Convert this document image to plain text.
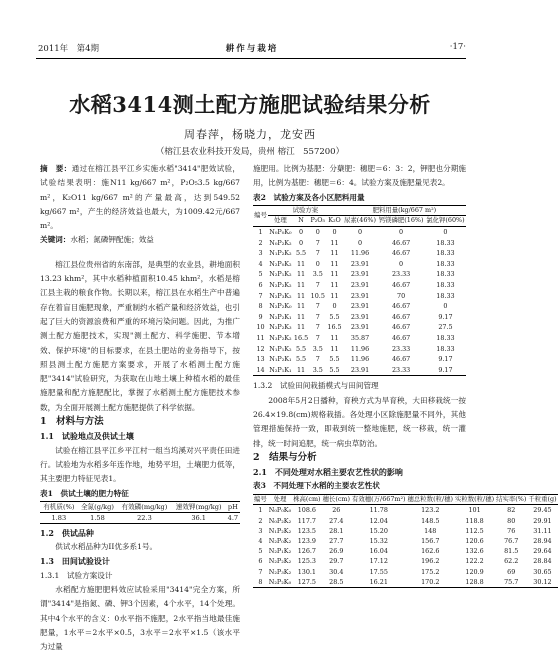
2011年　第4期	耕作与栽培	·17·
水稻3414测土配方施肥试验结果分析
周春萍，杨晓力，龙安西
（榕江县农业科技开发局，贵州 榕江　557200）

摘　要：通过在榕江县平江乡实施水稻"3414"肥效试验，试验结果表明：施N11 kg/667 m²，P₂O₅3.5 kg/667 m²，K₂O11 kg/667 m²的产量最高，达到549.52 kg/667 m²，产生的经济效益也最大，为1009.42元/667 m²。

关键词：水稻；氮磷钾配施；效益

榕江县位贵州省的东南部，是典型的农业县，耕地面积13.23 khm²，其中水稻种植面积10.45 khm²，水稻是榕江县主栽的粮食作物。长期以来，榕江县在水稻生产中普遍存在着盲目施肥现象，严重制约水稻产量和经济效益，也引起了巨大的资源浪费和严重的环境污染问题。因此，为推广测土配方施肥技术，实现"测土配方、科学施肥、节本增效、保护环境"的目标要求，在县土肥站的业务指导下，按照县测土配方施肥方案要求，开展了水稻测土配方施肥"3414"试验研究，为获取在山地土壤上种植水稻的最佳施肥量和配方施肥配比，掌握了水稻测土配方施肥技术参数，为全面开展测土配方施肥提供了科学依据。

1　材料与方法

1.1　试验地点及供试土壤

试验在榕江县平江乡平江村一组当坞溪对兴平责任田进行。试验地为水稻多年连作地，地势平坦，土壤肥力低等，其主要肥力特征见表1。

表1　供试土壤的肥力特征

有机质(%)	全氮(g/kg)	有效磷(mg/kg)	速效钾(mg/kg)	pH
1.83	1.58	22.3	36.1	4.7

1.2　供试品种

供试水稻品种为II优多系1号。

1.3　田间试验设计

1.3.1　试验方案设计

水稻配方施肥肥料效应试验采用"3414"完全方案，所谓"3414"是指氮、磷、钾3个因素，4个水平，14个处理。其中4个水平的含义：0水平指不施肥，2水平指当地最佳施肥量，1水平＝2水平×0.5，3水平＝2水平×1.5（该水平为过量

施肥用。比例为基肥：分蘖肥：穗肥＝6：3：2，钾肥也分期施用，比例为基肥：穗肥＝6：4。试验方案及施肥量见表2。

表2　试验方案及各小区肥料用量

编号	试验方案				肥料用量(kg/667 m²)		
	处理	N	P₂O₅	K₂O	尿素(46%)	钙镁磷肥(16%)	氯化钾(60%)
1	N₀P₀K₀	0	0	0	0	0	0
2	N₀P₂K₂	0	7	11	0	46.67	18.33
3	N₁P₂K₂	5.5	7	11	11.96	46.67	18.33
4	N₂P₀K₂	11	0	11	23.91	0	18.33
5	N₂P₁K₂	11	3.5	11	23.91	23.33	18.33
6	N₂P₂K₂	11	7	11	23.91	46.67	18.33
7	N₂P₃K₂	11	10.5	11	23.91	70	18.33
8	N₂P₂K₀	11	7	0	23.91	46.67	0
9	N₂P₂K₁	11	7	5.5	23.91	46.67	9.17
10	N₂P₂K₃	11	7	16.5	23.91	46.67	27.5
11	N₃P₂K₂	16.5	7	11	35.87	46.67	18.33
12	N₁P₁K₂	5.5	3.5	11	11.96	23.33	18.33
13	N₁P₂K₁	5.5	7	5.5	11.96	46.67	9.17
14	N₂P₁K₁	11	3.5	5.5	23.91	23.33	9.17

1.3.2　试验田间栽插模式与田间管理

2008年5月2日播种，育秧方式为旱育秧，大田移栽统一按26.4×19.8(cm)规格栽插。各处理小区除施肥量不同外，其他管理措施保持一致，即栽到统一整地施肥，统一移栽，统一灌排，统一时间追肥，统一病虫草防治。

2　结果与分析

2.1　不同处理对水稻主要农艺性状的影响

表3　不同处理下水稻的主要农艺性状

编号	处理	株高(cm)	穗长(cm)	有效穗(万/667m²)	穗总粒数(粒/穗)	实粒数(粒/穗)	结实率(%)	千粒重(g)
1	N₀P₀K₀	108.6	26	11.78	123.2	101	82	29.45
2	N₀P₂K₂	117.7	27.4	12.04	148.5	118.8	80	29.91
3	N₁P₂K₂	123.5	28.1	15.20	148	112.5	76	31.11
4	N₂P₀K₂	123.9	27.7	15.32	156.7	120.6	76.7	28.94
5	N₂P₁K₂	126.7	26.9	16.04	162.6	132.6	81.5	29.64
6	N₂P₂K₂	125.3	29.7	17.12	196.2	122.2	62.2	28.84
7	N₂P₃K₂	130.1	30.4	17.55	175.2	120.9	69	30.65
8	N₂P₂K₀	127.5	28.5	16.21	170.2	128.8	75.7	30.12
